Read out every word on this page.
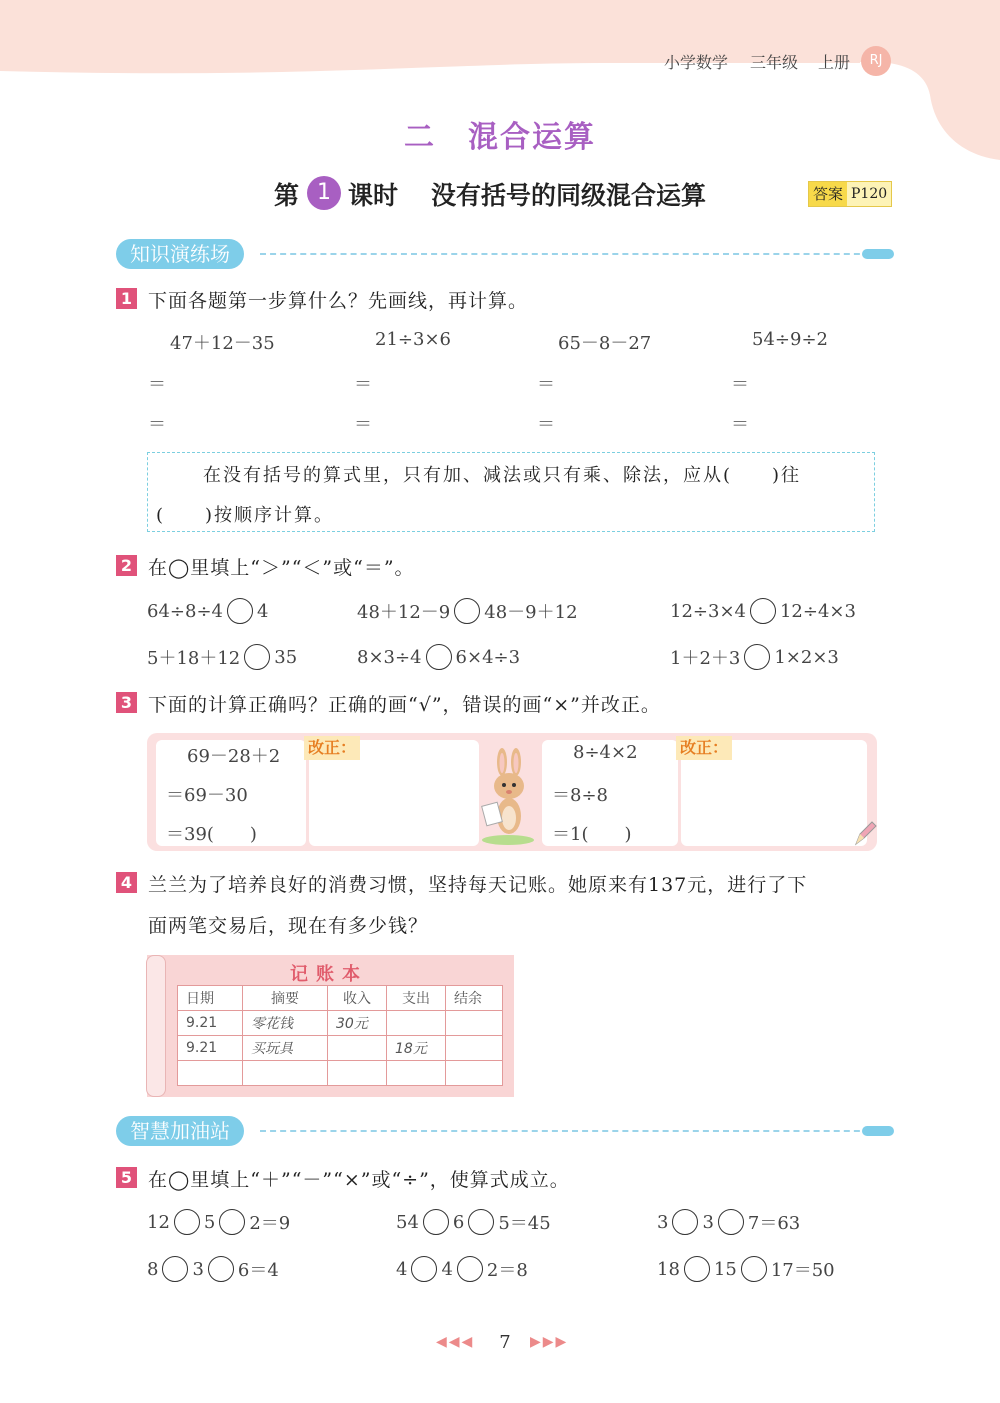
小学数学 三年级 上册	RJ
二　混合运算
第 1 课时 没有括号的同级混合运算	答案 P120
知识演练场
1 下面各题第一步算什么？先画线，再计算。
47＋12－35	21÷3×6	65－8－27	54÷9÷2
＝	＝	＝	＝
＝	＝	＝	＝
在没有括号的算式里，只有加、减法或只有乘、除法，应从(　　)往
(　　)按顺序计算。
2 在◯里填上“＞”“＜”或“＝”。
64÷8÷4 4	48＋12－9 48－9＋12	12÷3×4 12÷4×3
5＋18＋12 35	8×3÷4 6×4÷3	1＋2＋3 1×2×3
3 下面的计算正确吗？正确的画“√”，错误的画“×”并改正。
改正：	改正：
69－28＋2
＝69－30
＝39(　　)
8÷4×2
＝8÷8
＝1(　　)
4 兰兰为了培养良好的消费习惯，坚持每天记账。她原来有137元，进行了下
面两笔交易后，现在有多少钱？
记账本
日期	摘要	收入	支出	结余
9.21	零花钱	30元		
9.21	买玩具		18元	

智慧加油站
5 在◯里填上“＋”“－”“×”或“÷”，使算式成立。
12 5 2＝9	54 6 5＝45	3 3 7＝63
8 3 6＝4	4 4 2＝8	18 15 17＝50
◀◀◀	7	▶▶▶
